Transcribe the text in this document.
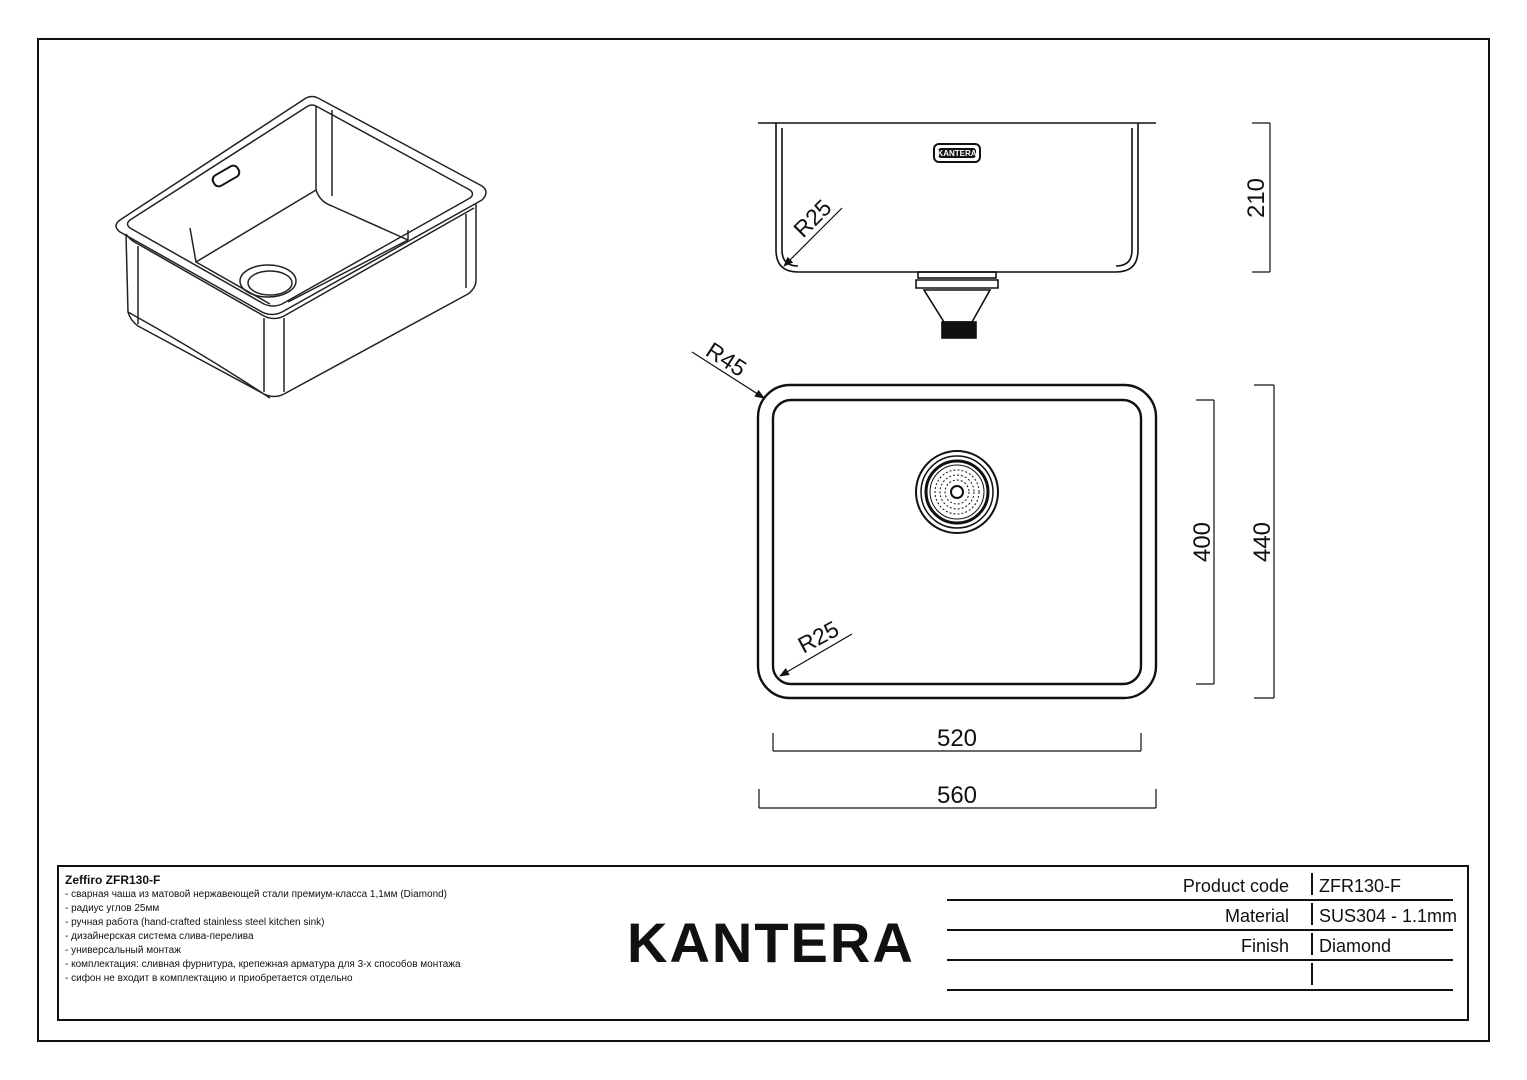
KANTERA
210
R25
R45
R25
400 440
520
560
Zeffiro ZFR130-F
- сварная чаша из матовой нержавеющей стали премиум-класса 1,1мм (Diamond)
- радиус углов 25мм
- ручная работа (hand-crafted stainless steel kitchen sink)
- дизайнерская система слива-перелива
- универсальный монтаж
- комплектация: сливная фурнитура, крепежная арматура для 3-х способов монтажа
- сифон не входит в комплектацию и приобретается отдельно
KANTERA
Product code ZFR130-F
Material SUS304 - 1.1mm
Finish Diamond
